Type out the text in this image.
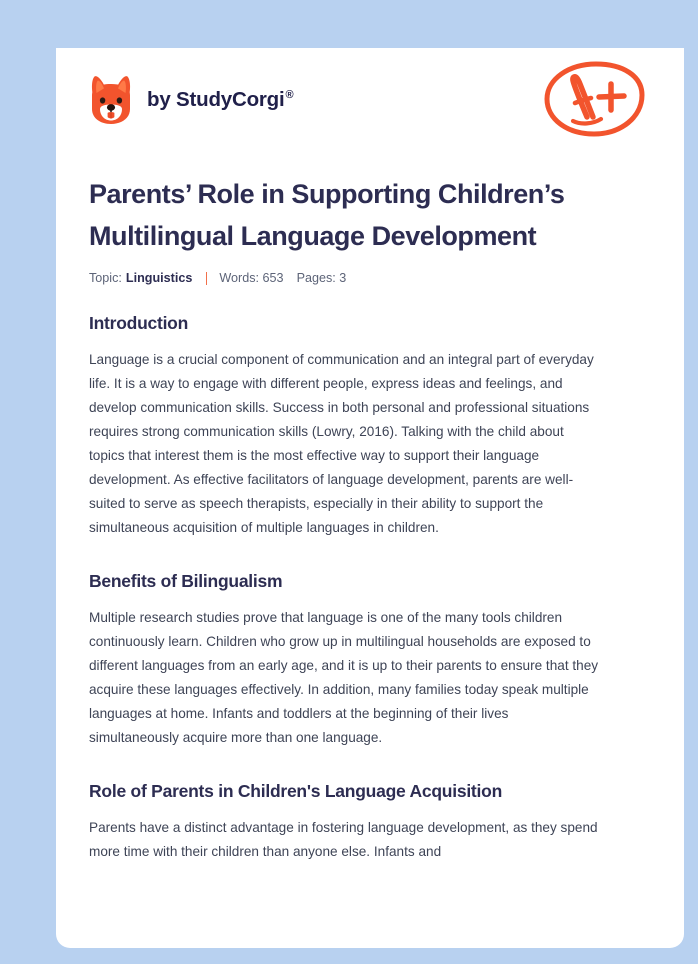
by StudyCorgi®
Parents’ Role in Supporting Children’s Multilingual Language Development
Topic: Linguistics Words: 653 Pages: 3
Introduction

Language is a crucial component of communication and an integral part of everyday life. It is a way to engage with different people, express ideas and feelings, and develop communication skills. Success in both personal and professional situations requires strong communication skills (Lowry, 2016). Talking with the child about topics that interest them is the most effective way to support their language development. As effective facilitators of language development, parents are well-suited to serve as speech therapists, especially in their ability to support the simultaneous acquisition of multiple languages in children.

Benefits of Bilingualism

Multiple research studies prove that language is one of the many tools children continuously learn. Children who grow up in multilingual households are exposed to different languages from an early age, and it is up to their parents to ensure that they acquire these languages effectively. In addition, many families today speak multiple languages at home. Infants and toddlers at the beginning of their lives simultaneously acquire more than one language.

Role of Parents in Children's Language Acquisition

Parents have a distinct advantage in fostering language development, as they spend more time with their children than anyone else. Infants and
